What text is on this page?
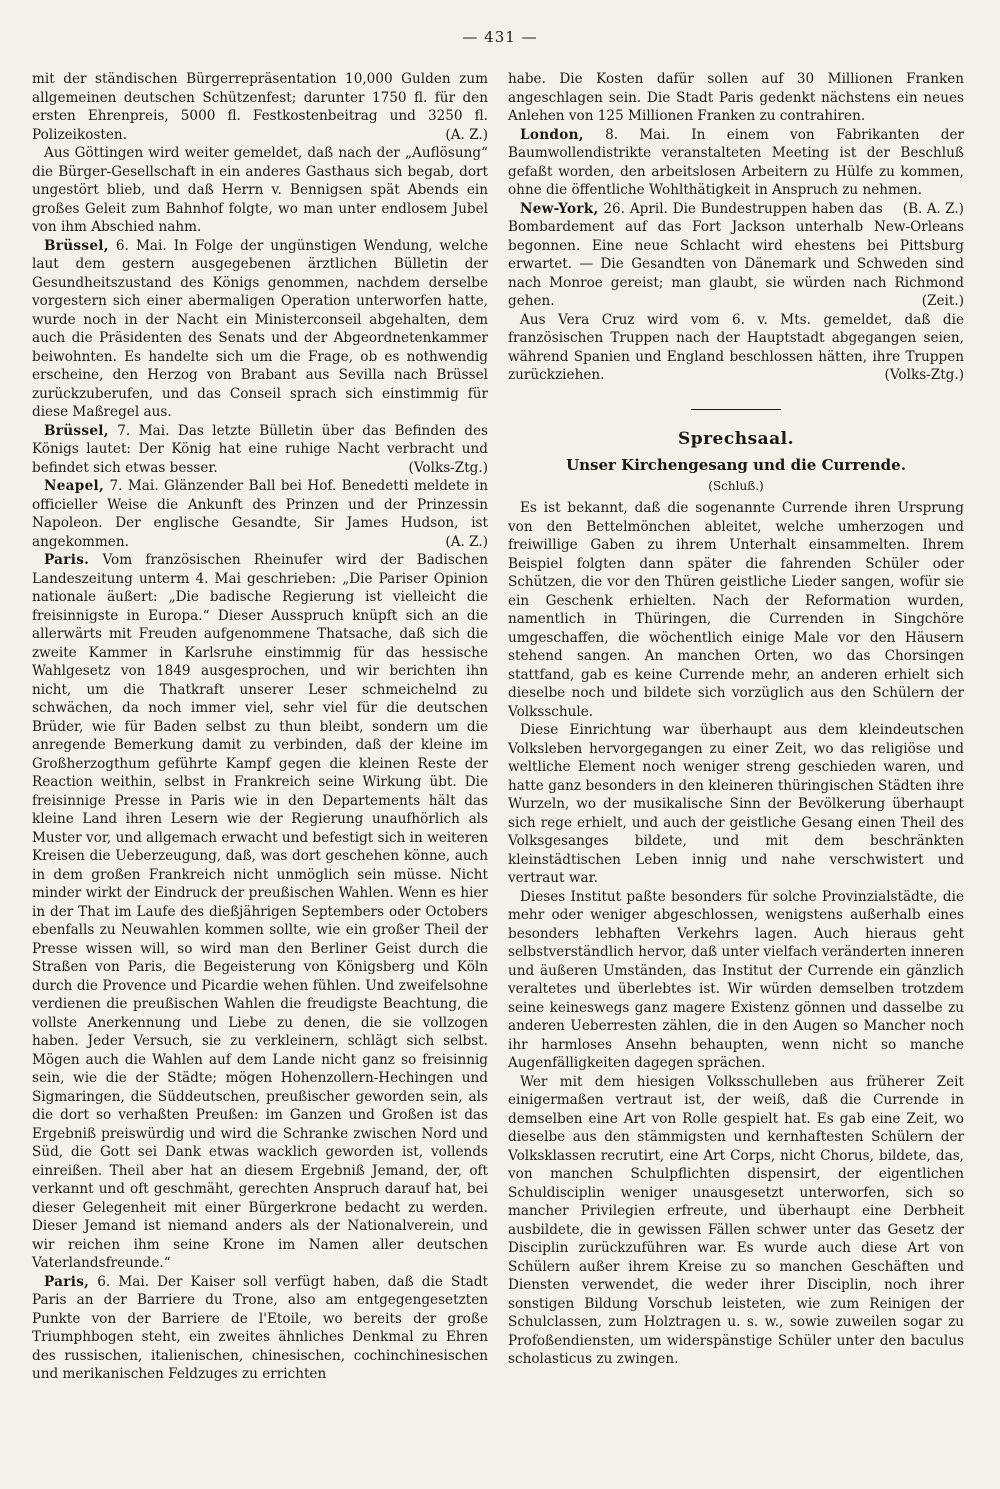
— 431 —

mit der ständischen Bürgerrepräsentation 10,000 Gulden zum allgemeinen deutschen Schützenfest; darunter 1750 fl. für den ersten Ehrenpreis, 5000 fl. Festkostenbeitrag und 3250 fl. Polizeikosten.	(A. Z.)

Aus Göttingen wird weiter gemeldet, daß nach der „Auflösung“ die Bürger-Gesellschaft in ein anderes Gasthaus sich begab, dort ungestört blieb, und daß Herrn v. Bennigsen spät Abends ein großes Geleit zum Bahnhof folgte, wo man unter endlosem Jubel von ihm Abschied nahm.

Brüssel, 6. Mai. In Folge der ungünstigen Wendung, welche laut dem gestern ausgegebenen ärztlichen Bülletin der Gesundheitszustand des Königs genommen, nachdem derselbe vorgestern sich einer abermaligen Operation unterworfen hatte, wurde noch in der Nacht ein Ministerconseil abgehalten, dem auch die Präsidenten des Senats und der Abgeordnetenkammer beiwohnten. Es handelte sich um die Frage, ob es nothwendig erscheine, den Herzog von Brabant aus Sevilla nach Brüssel zurückzuberufen, und das Conseil sprach sich einstimmig für diese Maßregel aus.

Brüssel, 7. Mai. Das letzte Bülletin über das Befinden des Königs lautet: Der König hat eine ruhige Nacht verbracht und befindet sich etwas besser.	(Volks-Ztg.)

Neapel, 7. Mai. Glänzender Ball bei Hof. Benedetti meldete in officieller Weise die Ankunft des Prinzen und der Prinzessin Napoleon. Der englische Gesandte, Sir James Hudson, ist angekommen.	(A. Z.)

Paris. Vom französischen Rheinufer wird der Badischen Landeszeitung unterm 4. Mai geschrieben: „Die Pariser Opinion nationale äußert: „Die badische Regierung ist vielleicht die freisinnigste in Europa.“ Dieser Ausspruch knüpft sich an die allerwärts mit Freuden aufgenommene Thatsache, daß sich die zweite Kammer in Karlsruhe einstimmig für das hessische Wahlgesetz von 1849 ausgesprochen, und wir berichten ihn nicht, um die Thatkraft unserer Leser schmeichelnd zu schwächen, da noch immer viel, sehr viel für die deutschen Brüder, wie für Baden selbst zu thun bleibt, sondern um die anregende Bemerkung damit zu verbinden, daß der kleine im Großherzogthum geführte Kampf gegen die kleinen Reste der Reaction weithin, selbst in Frankreich seine Wirkung übt. Die freisinnige Presse in Paris wie in den Departements hält das kleine Land ihren Lesern wie der Regierung unaufhörlich als Muster vor, und allgemach erwacht und befestigt sich in weiteren Kreisen die Ueberzeugung, daß, was dort geschehen könne, auch in dem großen Frankreich nicht unmöglich sein müsse. Nicht minder wirkt der Eindruck der preußischen Wahlen. Wenn es hier in der That im Laufe des dießjährigen Septembers oder Octobers ebenfalls zu Neuwahlen kommen sollte, wie ein großer Theil der Presse wissen will, so wird man den Berliner Geist durch die Straßen von Paris, die Begeisterung von Königsberg und Köln durch die Provence und Picardie wehen fühlen. Und zweifelsohne verdienen die preußischen Wahlen die freudigste Beachtung, die vollste Anerkennung und Liebe zu denen, die sie vollzogen haben. Jeder Versuch, sie zu verkleinern, schlägt sich selbst. Mögen auch die Wahlen auf dem Lande nicht ganz so freisinnig sein, wie die der Städte; mögen Hohenzollern-Hechingen und Sigmaringen, die Süddeutschen, preußischer geworden sein, als die dort so verhaßten Preußen: im Ganzen und Großen ist das Ergebniß preiswürdig und wird die Schranke zwischen Nord und Süd, die Gott sei Dank etwas wacklich geworden ist, vollends einreißen. Theil aber hat an diesem Ergebniß Jemand, der, oft verkannt und oft geschmäht, gerechten Anspruch darauf hat, bei dieser Gelegenheit mit einer Bürgerkrone bedacht zu werden. Dieser Jemand ist niemand anders als der Nationalverein, und wir reichen ihm seine Krone im Namen aller deutschen Vaterlandsfreunde.“

Paris, 6. Mai. Der Kaiser soll verfügt haben, daß die Stadt Paris an der Barriere du Trone, also am entgegengesetzten Punkte von der Barriere de l'Etoile, wo bereits der große Triumphbogen steht, ein zweites ähnliches Denkmal zu Ehren des russischen, italienischen, chinesischen, cochinchinesischen und merikanischen Feldzuges zu errichten

habe. Die Kosten dafür sollen auf 30 Millionen Franken angeschlagen sein. Die Stadt Paris gedenkt nächstens ein neues Anlehen von 125 Millionen Franken zu contrahiren.

London, 8. Mai. In einem von Fabrikanten der Baumwollendistrikte veranstalteten Meeting ist der Beschluß gefaßt worden, den arbeitslosen Arbeitern zu Hülfe zu kommen, ohne die öffentliche Wohlthätigkeit in Anspruch zu nehmen.
(B. A. Z.)

New-York, 26. April. Die Bundestruppen haben das Bombardement auf das Fort Jackson unterhalb New-Orleans begonnen. Eine neue Schlacht wird ehestens bei Pittsburg erwartet. — Die Gesandten von Dänemark und Schweden sind nach Monroe gereist; man glaubt, sie würden nach Richmond gehen.	(Zeit.)

Aus Vera Cruz wird vom 6. v. Mts. gemeldet, daß die französischen Truppen nach der Hauptstadt abgegangen seien, während Spanien und England beschlossen hätten, ihre Truppen zurückziehen.	(Volks-Ztg.)

Sprechsaal.
Unser Kirchengesang und die Currende.
(Schluß.)

Es ist bekannt, daß die sogenannte Currende ihren Ursprung von den Bettelmönchen ableitet, welche umherzogen und freiwillige Gaben zu ihrem Unterhalt einsammelten. Ihrem Beispiel folgten dann später die fahrenden Schüler oder Schützen, die vor den Thüren geistliche Lieder sangen, wofür sie ein Geschenk erhielten. Nach der Reformation wurden, namentlich in Thüringen, die Currenden in Singchöre umgeschaffen, die wöchentlich einige Male vor den Häusern stehend sangen. An manchen Orten, wo das Chorsingen stattfand, gab es keine Currende mehr, an anderen erhielt sich dieselbe noch und bildete sich vorzüglich aus den Schülern der Volksschule.

Diese Einrichtung war überhaupt aus dem kleindeutschen Volksleben hervorgegangen zu einer Zeit, wo das religiöse und weltliche Element noch weniger streng geschieden waren, und hatte ganz besonders in den kleineren thüringischen Städten ihre Wurzeln, wo der musikalische Sinn der Bevölkerung überhaupt sich rege erhielt, und auch der geistliche Gesang einen Theil des Volksgesanges bildete, und mit dem beschränkten kleinstädtischen Leben innig und nahe verschwistert und vertraut war.

Dieses Institut paßte besonders für solche Provinzialstädte, die mehr oder weniger abgeschlossen, wenigstens außerhalb eines besonders lebhaften Verkehrs lagen. Auch hieraus geht selbstverständlich hervor, daß unter vielfach veränderten inneren und äußeren Umständen, das Institut der Currende ein gänzlich veraltetes und überlebtes ist. Wir würden demselben trotzdem seine keineswegs ganz magere Existenz gönnen und dasselbe zu anderen Ueberresten zählen, die in den Augen so Mancher noch ihr harmloses Ansehn behaupten, wenn nicht so manche Augenfälligkeiten dagegen sprächen.

Wer mit dem hiesigen Volksschulleben aus früherer Zeit einigermaßen vertraut ist, der weiß, daß die Currende in demselben eine Art von Rolle gespielt hat. Es gab eine Zeit, wo dieselbe aus den stämmigsten und kernhaftesten Schülern der Volksklassen recrutirt, eine Art Corps, nicht Chorus, bildete, das, von manchen Schulpflichten dispensirt, der eigentlichen Schuldisciplin weniger unausgesetzt unterworfen, sich so mancher Privilegien erfreute, und überhaupt eine Derbheit ausbildete, die in gewissen Fällen schwer unter das Gesetz der Disciplin zurückzuführen war. Es wurde auch diese Art von Schülern außer ihrem Kreise zu so manchen Geschäften und Diensten verwendet, die weder ihrer Disciplin, noch ihrer sonstigen Bildung Vorschub leisteten, wie zum Reinigen der Schulclassen, zum Holztragen u. s. w., sowie zuweilen sogar zu Profoßendiensten, um widerspänstige Schüler unter den baculus scholasticus zu zwingen.
